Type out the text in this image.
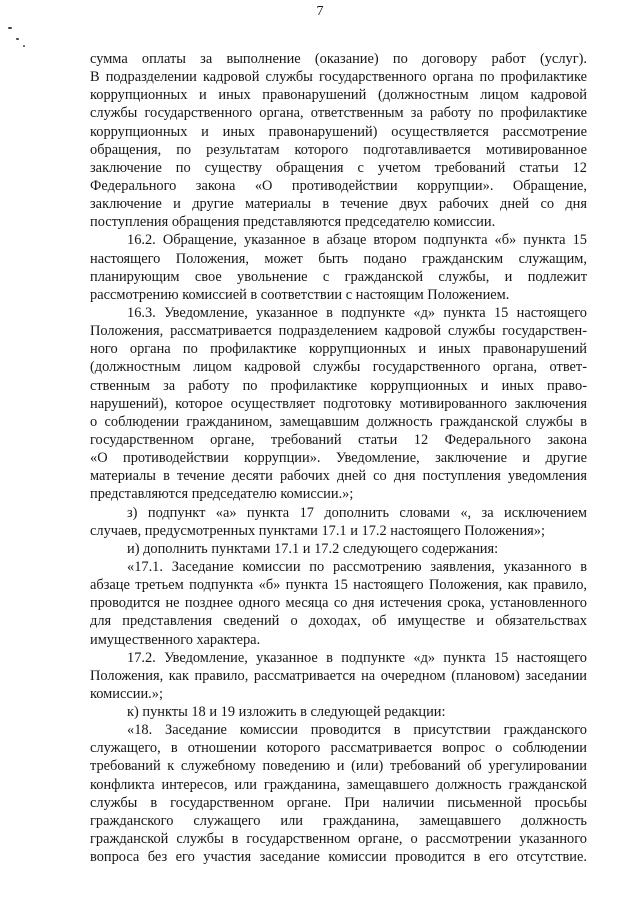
7
сумма оплаты за выполнение (оказание) по договору работ (услуг).
В подразделении кадровой службы государственного органа по профилактике
коррупционных и иных правонарушений (должностным лицом кадровой
службы государственного органа, ответственным за работу по профилактике
коррупционных и иных правонарушений) осуществляется рассмотрение
обращения, по результатам которого подготавливается мотивированное
заключение по существу обращения с учетом требований статьи 12
Федерального закона «О противодействии коррупции». Обращение,
заключение и другие материалы в течение двух рабочих дней со дня
поступления обращения представляются председателю комиссии.
16.2. Обращение, указанное в абзаце втором подпункта «б» пункта 15
настоящего Положения, может быть подано гражданским служащим,
планирующим свое увольнение с гражданской службы, и подлежит
рассмотрению комиссией в соответствии с настоящим Положением.
16.3. Уведомление, указанное в подпункте «д» пункта 15 настоящего
Положения, рассматривается подразделением кадровой службы государствен-
ного органа по профилактике коррупционных и иных правонарушений
(должностным лицом кадровой службы государственного органа, ответ-
ственным за работу по профилактике коррупционных и иных право-
нарушений), которое осуществляет подготовку мотивированного заключения
о соблюдении гражданином, замещавшим должность гражданской службы в
государственном органе, требований статьи 12 Федерального закона
«О противодействии коррупции». Уведомление, заключение и другие
материалы в течение десяти рабочих дней со дня поступления уведомления
представляются председателю комиссии.»;
з) подпункт «а» пункта 17 дополнить словами «, за исключением
случаев, предусмотренных пунктами 17.1 и 17.2 настоящего Положения»;
и) дополнить пунктами 17.1 и 17.2 следующего содержания:
«17.1. Заседание комиссии по рассмотрению заявления, указанного в
абзаце третьем подпункта «б» пункта 15 настоящего Положения, как правило,
проводится не позднее одного месяца со дня истечения срока, установленного
для представления сведений о доходах, об имуществе и обязательствах
имущественного характера.
17.2. Уведомление, указанное в подпункте «д» пункта 15 настоящего
Положения, как правило, рассматривается на очередном (плановом) заседании
комиссии.»;
к) пункты 18 и 19 изложить в следующей редакции:
«18. Заседание комиссии проводится в присутствии гражданского
служащего, в отношении которого рассматривается вопрос о соблюдении
требований к служебному поведению и (или) требований об урегулировании
конфликта интересов, или гражданина, замещавшего должность гражданской
службы в государственном органе. При наличии письменной просьбы
гражданского служащего или гражданина, замещавшего должность
гражданской службы в государственном органе, о рассмотрении указанного
вопроса без его участия заседание комиссии проводится в его отсутствие.
